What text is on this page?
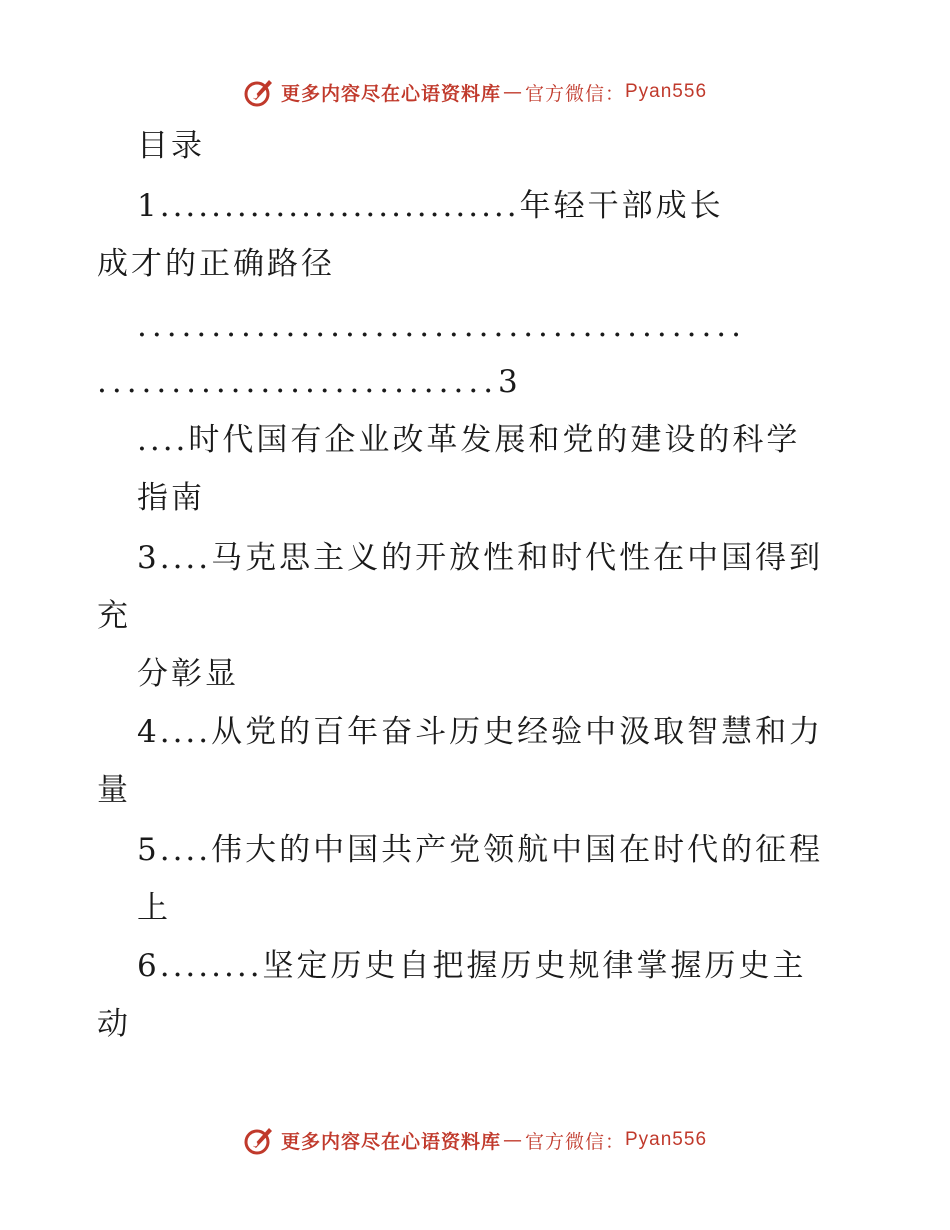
更多内容尽在心语资料库 — 官方微信： Pyan556
目录
1............................年轻干部成长
成才的正确路径
.........................................
...........................3
....时代国有企业改革发展和党的建设的科学
指南
3....马克思主义的开放性和时代性在中国得到
充
分彰显
4....从党的百年奋斗历史经验中汲取智慧和力
量
5....伟大的中国共产党领航中国在时代的征程
上
6........坚定历史自把握历史规律掌握历史主
动
更多内容尽在心语资料库 — 官方微信： Pyan556
